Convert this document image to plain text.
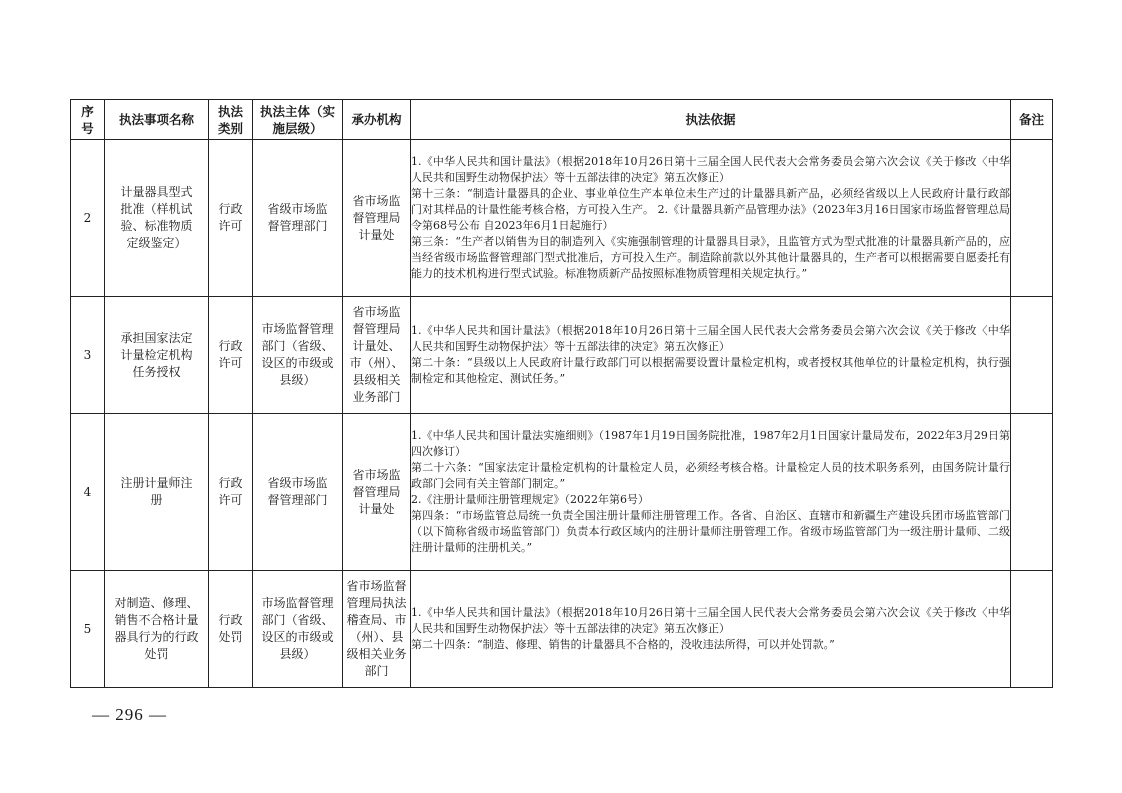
序号	执法事项名称	执法类别	执法主体（实施层级）	承办机构	执法依据	备注
2	计量器具型式批准（样机试验、标准物质定级鉴定）	行政许可	省级市场监督管理部门	省市场监督管理局计量处	1.《中华人民共和国计量法》（根据2018年10月26日第十三届全国人民代表大会常务委员会第六次会议《关于修改〈中华人民共和国野生动物保护法〉等十五部法律的决定》第五次修正）

第十三条：“制造计量器具的企业、事业单位生产本单位未生产过的计量器具新产品，必须经省级以上人民政府计量行政部门对其样品的计量性能考核合格，方可投入生产。 2.《计量器具新产品管理办法》（2023年3月16日国家市场监督管理总局令第68号公布 自2023年6月1日起施行）

第三条：“生产者以销售为目的制造列入《实施强制管理的计量器具目录》，且监管方式为型式批准的计量器具新产品的，应当经省级市场监督管理部门型式批准后，方可投入生产。制造除前款以外其他计量器具的，生产者可以根据需要自愿委托有能力的技术机构进行型式试验。标准物质新产品按照标准物质管理相关规定执行。”	

3	承担国家法定计量检定机构任务授权	行政许可	市场监督管理部门（省级、设区的市级或县级）	省市场监督管理局计量处、市（州）、县级相关业务部门	1.《中华人民共和国计量法》（根据2018年10月26日第十三届全国人民代表大会常务委员会第六次会议《关于修改〈中华人民共和国野生动物保护法〉等十五部法律的决定》第五次修正）

第二十条：“县级以上人民政府计量行政部门可以根据需要设置计量检定机构，或者授权其他单位的计量检定机构，执行强制检定和其他检定、测试任务。”	

4	注册计量师注册	行政许可	省级市场监督管理部门	省市场监督管理局计量处	1.《中华人民共和国计量法实施细则》（1987年1月19日国务院批准，1987年2月1日国家计量局发布，2022年3月29日第四次修订）

第二十六条：“国家法定计量检定机构的计量检定人员，必须经考核合格。计量检定人员的技术职务系列，由国务院计量行政部门会同有关主管部门制定。”

2.《注册计量师注册管理规定》（2022年第6号）

第四条：“市场监管总局统一负责全国注册计量师注册管理工作。各省、自治区、直辖市和新疆生产建设兵团市场监管部门（以下简称省级市场监管部门）负责本行政区域内的注册计量师注册管理工作。省级市场监管部门为一级注册计量师、二级注册计量师的注册机关。”	

5	对制造、修理、销售不合格计量器具行为的行政处罚	行政处罚	市场监督管理部门（省级、设区的市级或县级）	省市场监督管理局执法稽查局、市（州）、县级相关业务部门	1.《中华人民共和国计量法》（根据2018年10月26日第十三届全国人民代表大会常务委员会第六次会议《关于修改〈中华人民共和国野生动物保护法〉等十五部法律的决定》第五次修正）

第二十四条：“制造、修理、销售的计量器具不合格的，没收违法所得，可以并处罚款。”	

— 296 —
